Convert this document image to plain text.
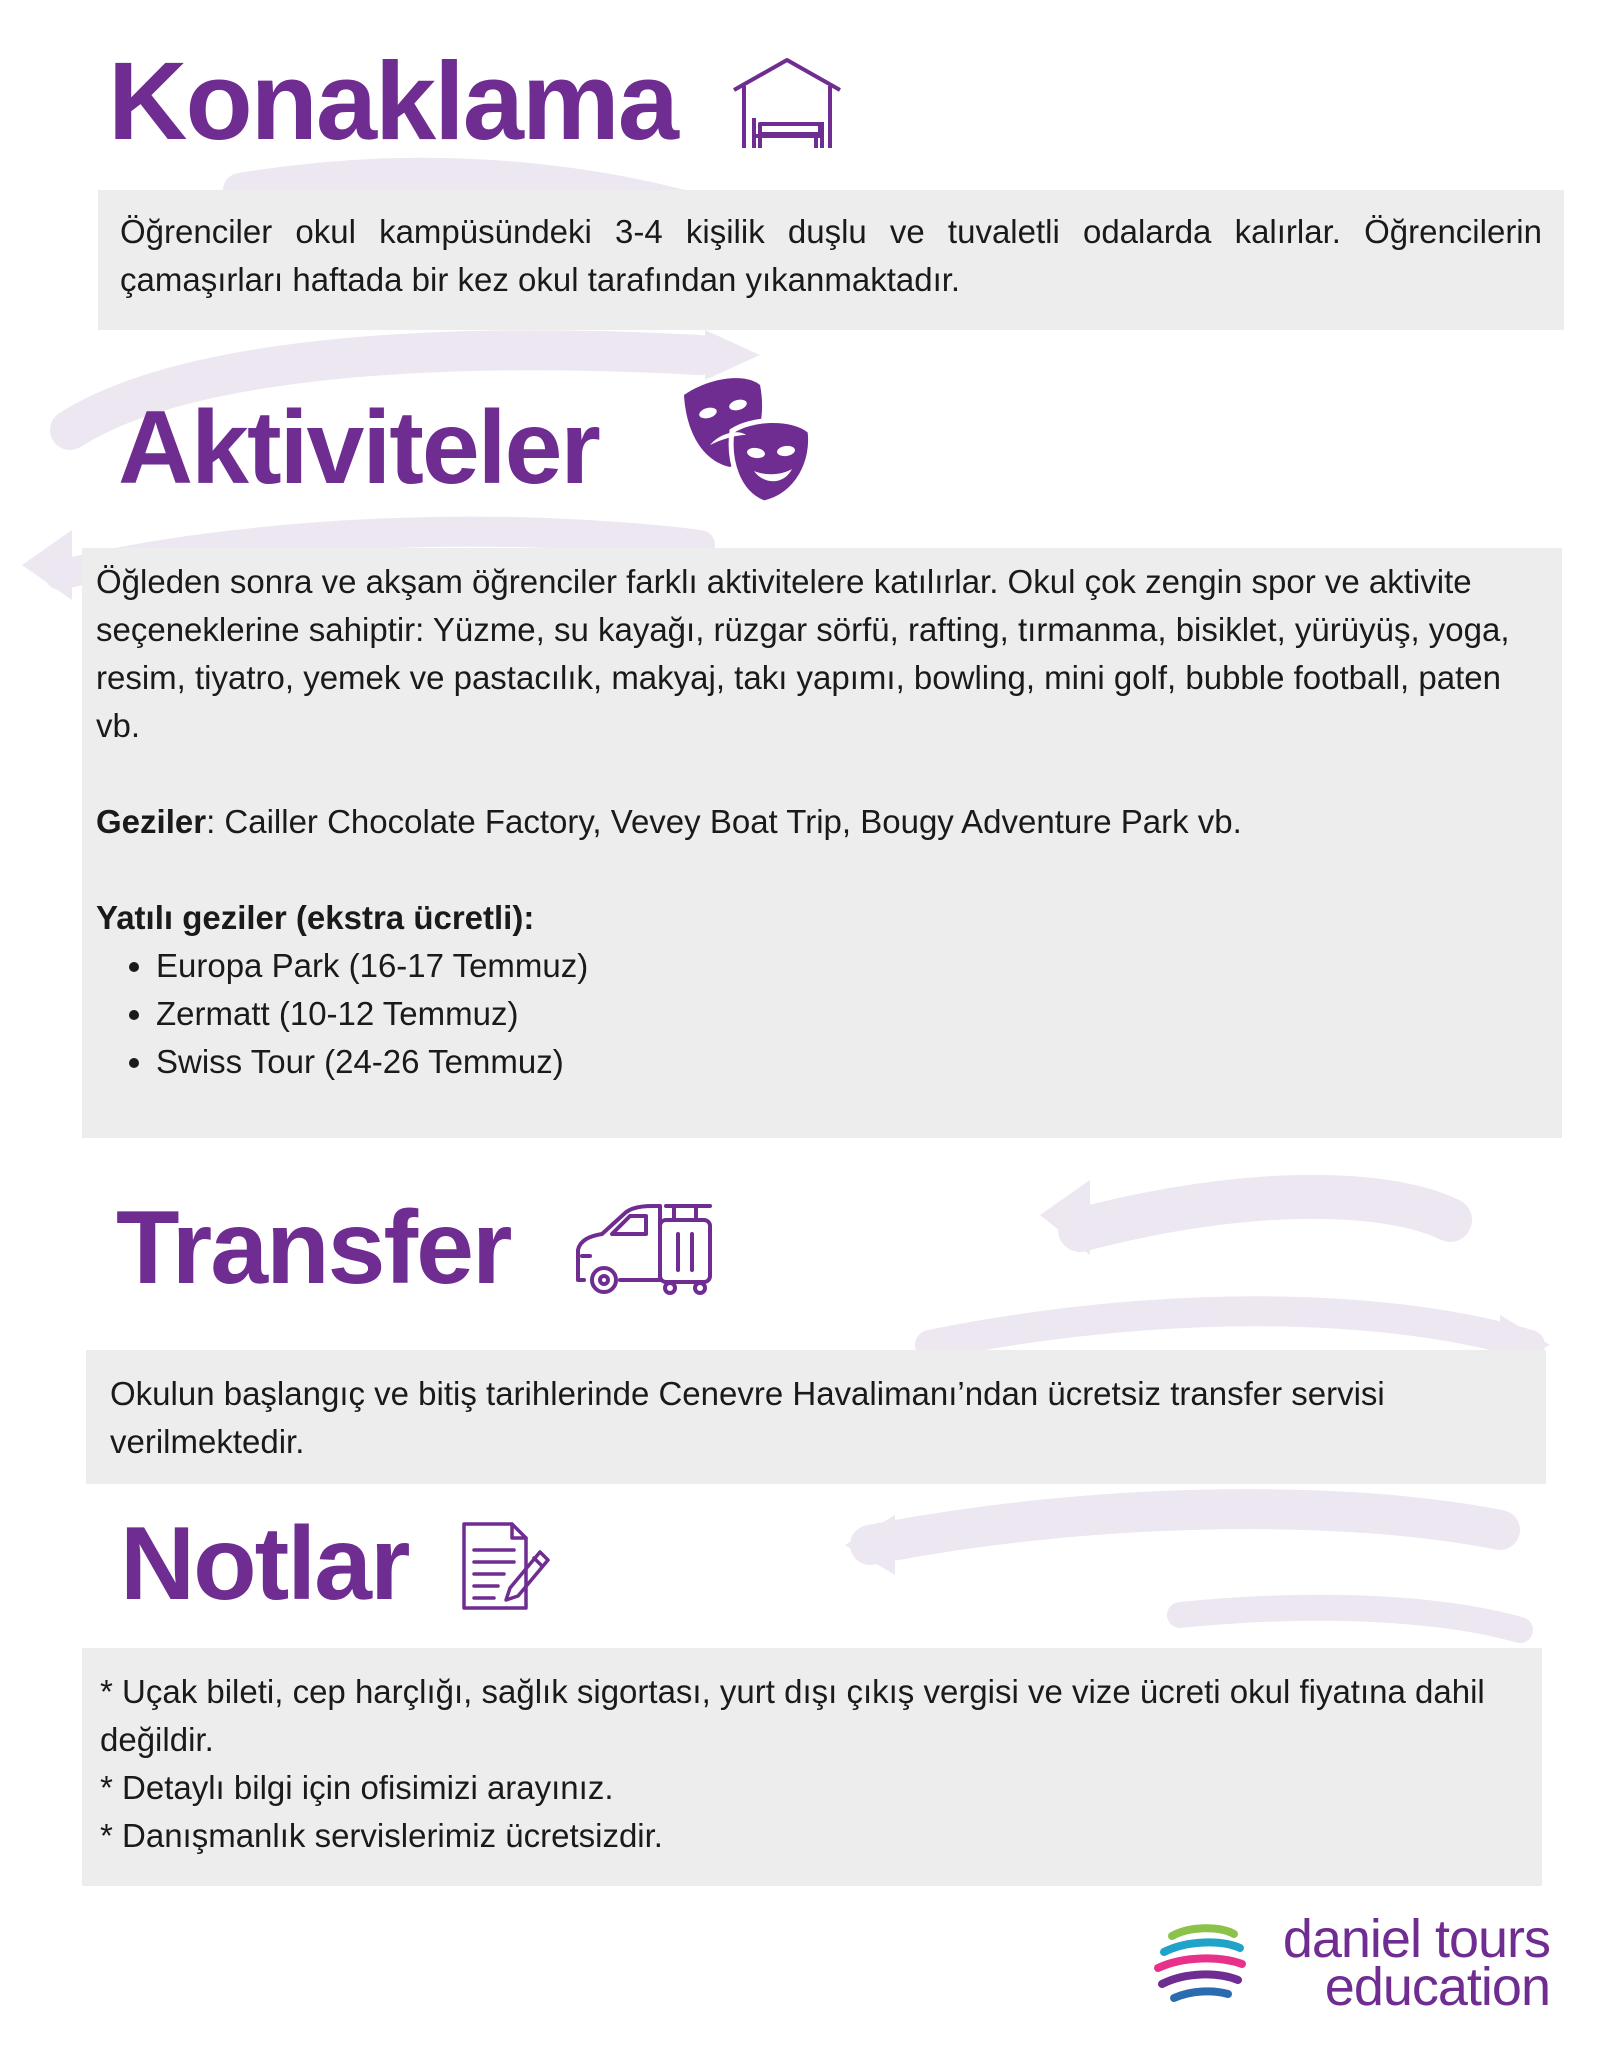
Konaklama

Öğrenciler okul kampüsündeki 3-4 kişilik duşlu ve tuvaletli odalarda kalırlar. Öğrencilerin çamaşırları haftada bir kez okul tarafından yıkanmaktadır.

Aktiviteler

Öğleden sonra ve akşam öğrenciler farklı aktivitelere katılırlar. Okul çok zengin spor ve aktivite seçeneklerine sahiptir: Yüzme, su kayağı, rüzgar sörfü, rafting, tırmanma, bisiklet, yürüyüş, yoga, resim, tiyatro, yemek ve pastacılık, makyaj, takı yapımı, bowling, mini golf, bubble football, paten vb.

Geziler: Cailler Chocolate Factory, Vevey Boat Trip, Bougy Adventure Park vb.

Yatılı geziler (ekstra ücretli):

• Europa Park (16-17 Temmuz)
• Zermatt (10-12 Temmuz)
• Swiss Tour (24-26 Temmuz)
Transfer

Okulun başlangıç ve bitiş tarihlerinde Cenevre Havalimanı’ndan ücretsiz transfer servisi verilmektedir.

Notlar

* Uçak bileti, cep harçlığı, sağlık sigortası, yurt dışı çıkış vergisi ve vize ücreti okul fiyatına dahil değildir.

* Detaylı bilgi için ofisimizi arayınız.

* Danışmanlık servislerimiz ücretsizdir.

daniel tours
education
